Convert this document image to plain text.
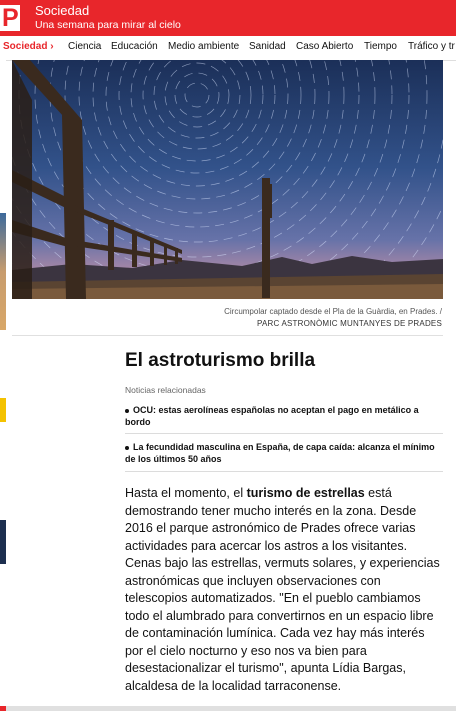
P Sociedad
Una semana para mirar al cielo
Sociedad › Ciencia Educación Medio ambiente Sanidad Caso Abierto Tiempo Tráfico y tr
Circumpolar captado desde el Pla de la Guàrdia, en Prades. /
PARC ASTRONÒMIC MUNTANYES DE PRADES
El astroturismo brilla
Noticias relacionadas
OCU: estas aerolíneas españolas no aceptan el pago en metálico a bordo
La fecundidad masculina en España, de capa caída: alcanza el mínimo de los últimos 50 años
Hasta el momento, el turismo de estrellas está demostrando tener mucho interés en la zona. Desde 2016 el parque astronómico de Prades ofrece varias actividades para acercar los astros a los visitantes. Cenas bajo las estrellas, vermuts solares, y experiencias astronómicas que incluyen observaciones con telescopios automatizados. "En el pueblo cambiamos todo el alumbrado para convertirnos en un espacio libre de contaminación lumínica. Cada vez hay más interés por el cielo nocturno y eso nos va bien para desestacionalizar el turismo", apunta Lídia Bargas, alcaldesa de la localidad tarraconense.
